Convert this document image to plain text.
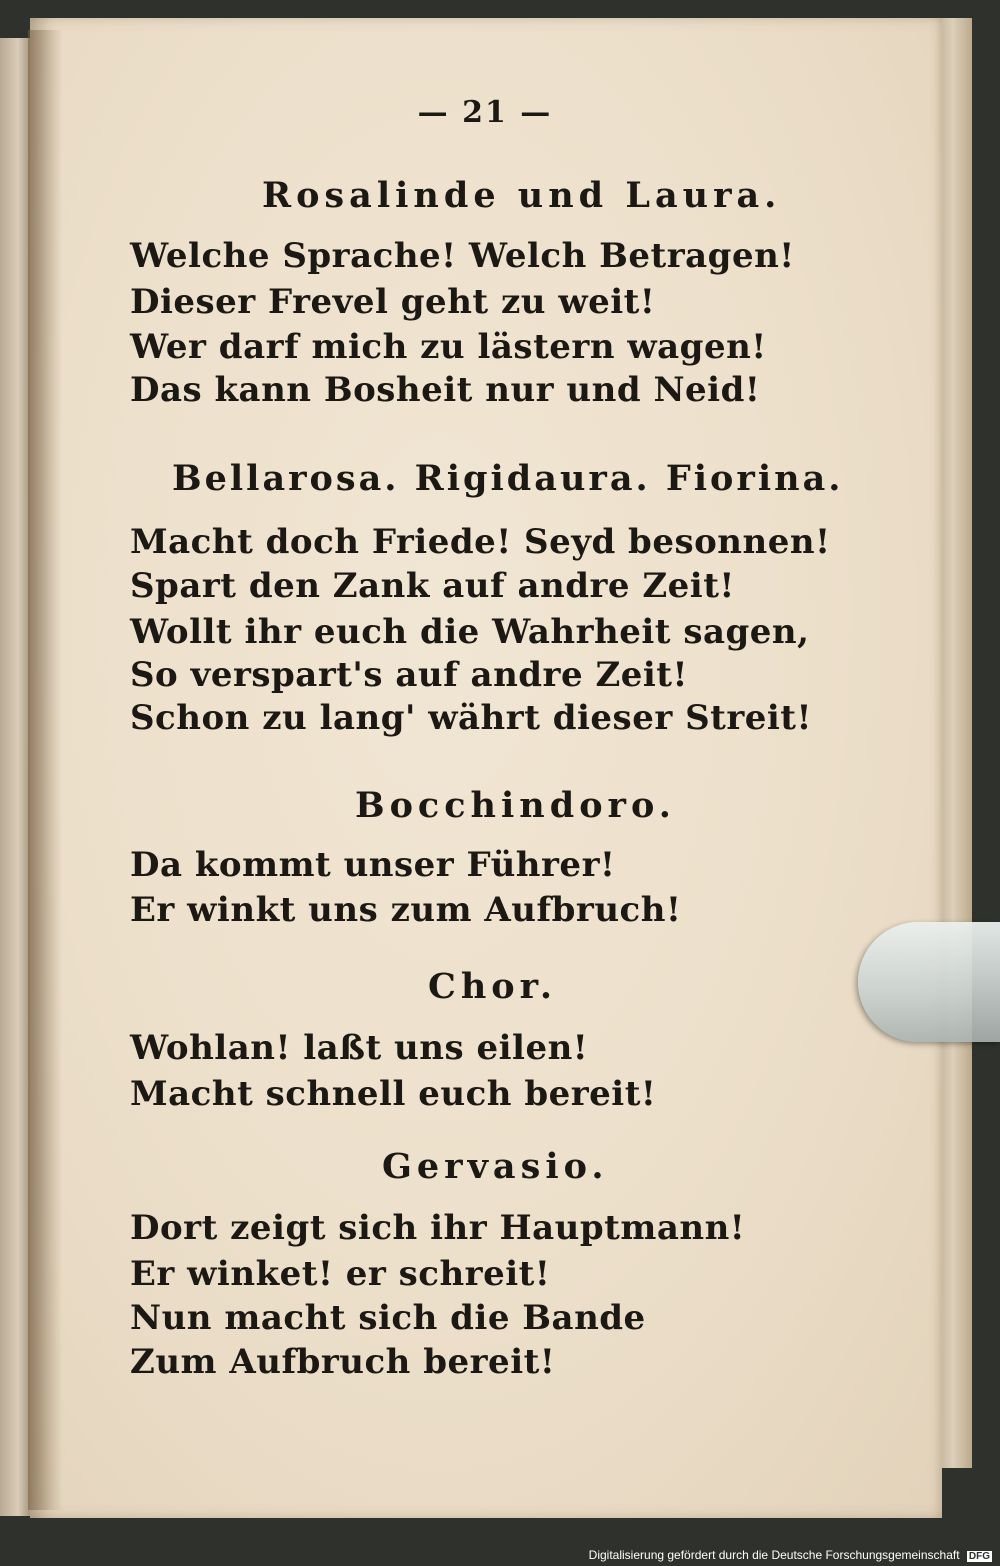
— 21 —
Rosalinde und Laura.
Welche Sprache! Welch Betragen!
Dieser Frevel geht zu weit!
Wer darf mich zu lästern wagen!
Das kann Bosheit nur und Neid!
Bellarosa. Rigidaura. Fiorina.
Macht doch Friede! Seyd besonnen!
Spart den Zank auf andre Zeit!
Wollt ihr euch die Wahrheit sagen,
So verspart's auf andre Zeit!
Schon zu lang' währt dieser Streit!
Bocchindoro.
Da kommt unser Führer!
Er winkt uns zum Aufbruch!
Chor.
Wohlan! laßt uns eilen!
Macht schnell euch bereit!
Gervasio.
Dort zeigt sich ihr Hauptmann!
Er winket! er schreit!
Nun macht sich die Bande
Zum Aufbruch bereit!
Digitalisierung gefördert durch die Deutsche Forschungsgemeinschaft DFG
